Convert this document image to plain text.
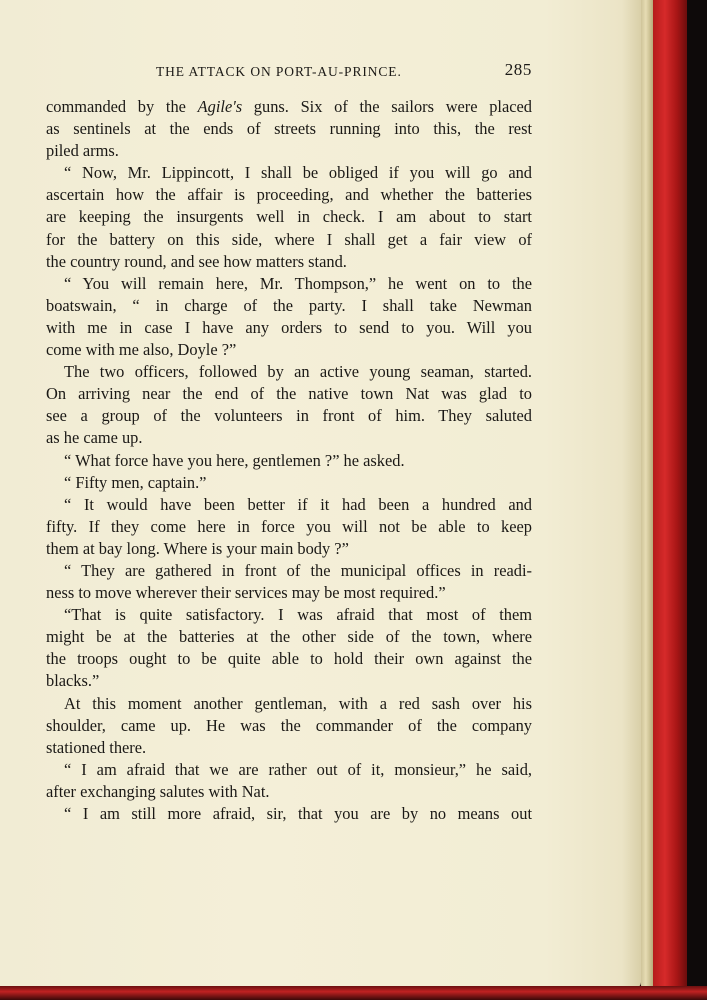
THE ATTACK ON PORT-AU-PRINCE.	285
commanded by the Agile's guns. Six of the sailors were placed
as sentinels at the ends of streets running into this, the rest
piled arms.
“ Now, Mr. Lippincott, I shall be obliged if you will go and
ascertain how the affair is proceeding, and whether the batteries
are keeping the insurgents well in check. I am about to start
for the battery on this side, where I shall get a fair view of
the country round, and see how matters stand.
“ You will remain here, Mr. Thompson,” he went on to the
boatswain, “ in charge of the party. I shall take Newman
with me in case I have any orders to send to you. Will you
come with me also, Doyle ?”
The two officers, followed by an active young seaman, started.
On arriving near the end of the native town Nat was glad to
see a group of the volunteers in front of him. They saluted
as he came up.
“ What force have you here, gentlemen ?” he asked.
“ Fifty men, captain.”
“ It would have been better if it had been a hundred and
fifty. If they come here in force you will not be able to keep
them at bay long. Where is your main body ?”
“ They are gathered in front of the municipal offices in readi-
ness to move wherever their services may be most required.”
“That is quite satisfactory. I was afraid that most of them
might be at the batteries at the other side of the town, where
the troops ought to be quite able to hold their own against the
blacks.”
At this moment another gentleman, with a red sash over his
shoulder, came up. He was the commander of the company
stationed there.
“ I am afraid that we are rather out of it, monsieur,” he said,
after exchanging salutes with Nat.
“ I am still more afraid, sir, that you are by no means out
